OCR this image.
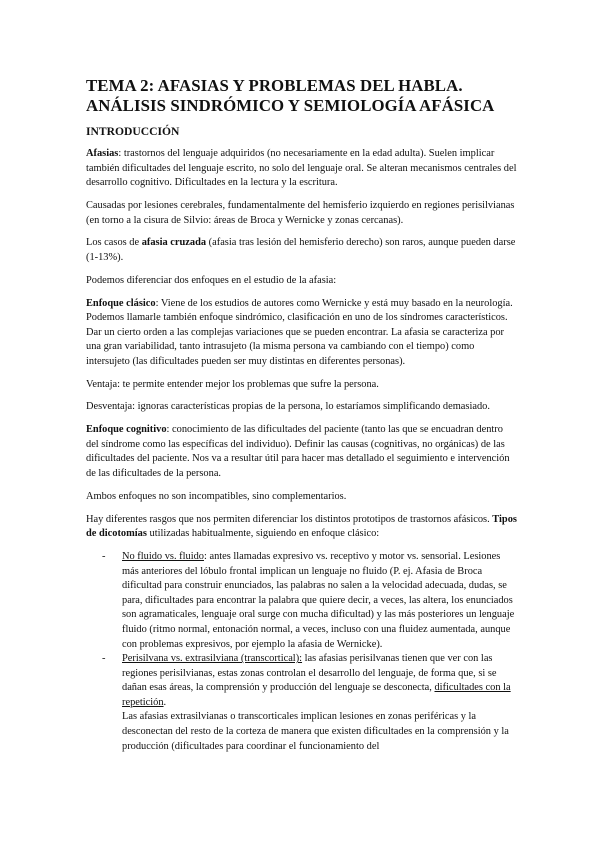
TEMA 2: AFASIAS Y PROBLEMAS DEL HABLA.
ANÁLISIS SINDRÓMICO Y SEMIOLOGÍA AFÁSICA
INTRODUCCIÓN

Afasias: trastornos del lenguaje adquiridos (no necesariamente en la edad adulta). Suelen implicar también dificultades del lenguaje escrito, no solo del lenguaje oral. Se alteran mecanismos centrales del desarrollo cognitivo. Dificultades en la lectura y la escritura.

Causadas por lesiones cerebrales, fundamentalmente del hemisferio izquierdo en regiones perisilvianas (en torno a la cisura de Silvio: áreas de Broca y Wernicke y zonas cercanas).

Los casos de afasia cruzada (afasia tras lesión del hemisferio derecho) son raros, aunque pueden darse (1-13%).

Podemos diferenciar dos enfoques en el estudio de la afasia:

Enfoque clásico: Viene de los estudios de autores como Wernicke y está muy basado en la neurología. Podemos llamarle también enfoque sindrómico, clasificación en uno de los síndromes característicos. Dar un cierto orden a las complejas variaciones que se pueden encontrar. La afasia se caracteriza por una gran variabilidad, tanto intrasujeto (la misma persona va cambiando con el tiempo) como intersujeto (las dificultades pueden ser muy distintas en diferentes personas).

Ventaja: te permite entender mejor los problemas que sufre la persona.

Desventaja: ignoras características propias de la persona, lo estaríamos simplificando demasiado.

Enfoque cognitivo: conocimiento de las dificultades del paciente (tanto las que se encuadran dentro del síndrome como las específicas del individuo). Definir las causas (cognitivas, no orgánicas) de las dificultades del paciente. Nos va a resultar útil para hacer mas detallado el seguimiento e intervención de las dificultades de la persona.

Ambos enfoques no son incompatibles, sino complementarios.

Hay diferentes rasgos que nos permiten diferenciar los distintos prototipos de trastornos afásicos. Tipos de dicotomías utilizadas habitualmente, siguiendo en enfoque clásico:

- No fluido vs. fluido: antes llamadas expresivo vs. receptivo y motor vs. sensorial. Lesiones más anteriores del lóbulo frontal implican un lenguaje no fluido (P. ej. Afasia de Broca dificultad para construir enunciados, las palabras no salen a la velocidad adecuada, dudas, se para, dificultades para encontrar la palabra que quiere decir, a veces, las altera, los enunciados son agramaticales, lenguaje oral surge con mucha dificultad) y las más posteriores un lenguaje fluido (ritmo normal, entonación normal, a veces, incluso con una fluidez aumentada, aunque con problemas expresivos, por ejemplo la afasia de Wernicke).
- Perisilvana vs. extrasilviana (transcortical): las afasias perisilvanas tienen que ver con las regiones perisilvianas, estas zonas controlan el desarrollo del lenguaje, de forma que, si se dañan esas áreas, la comprensión y producción del lenguaje se desconecta, dificultades con la repetición.
Las afasias extrasilvianas o transcorticales implican lesiones en zonas periféricas y la desconectan del resto de la corteza de manera que existen dificultades en la comprensión y la producción (dificultades para coordinar el funcionamiento del
